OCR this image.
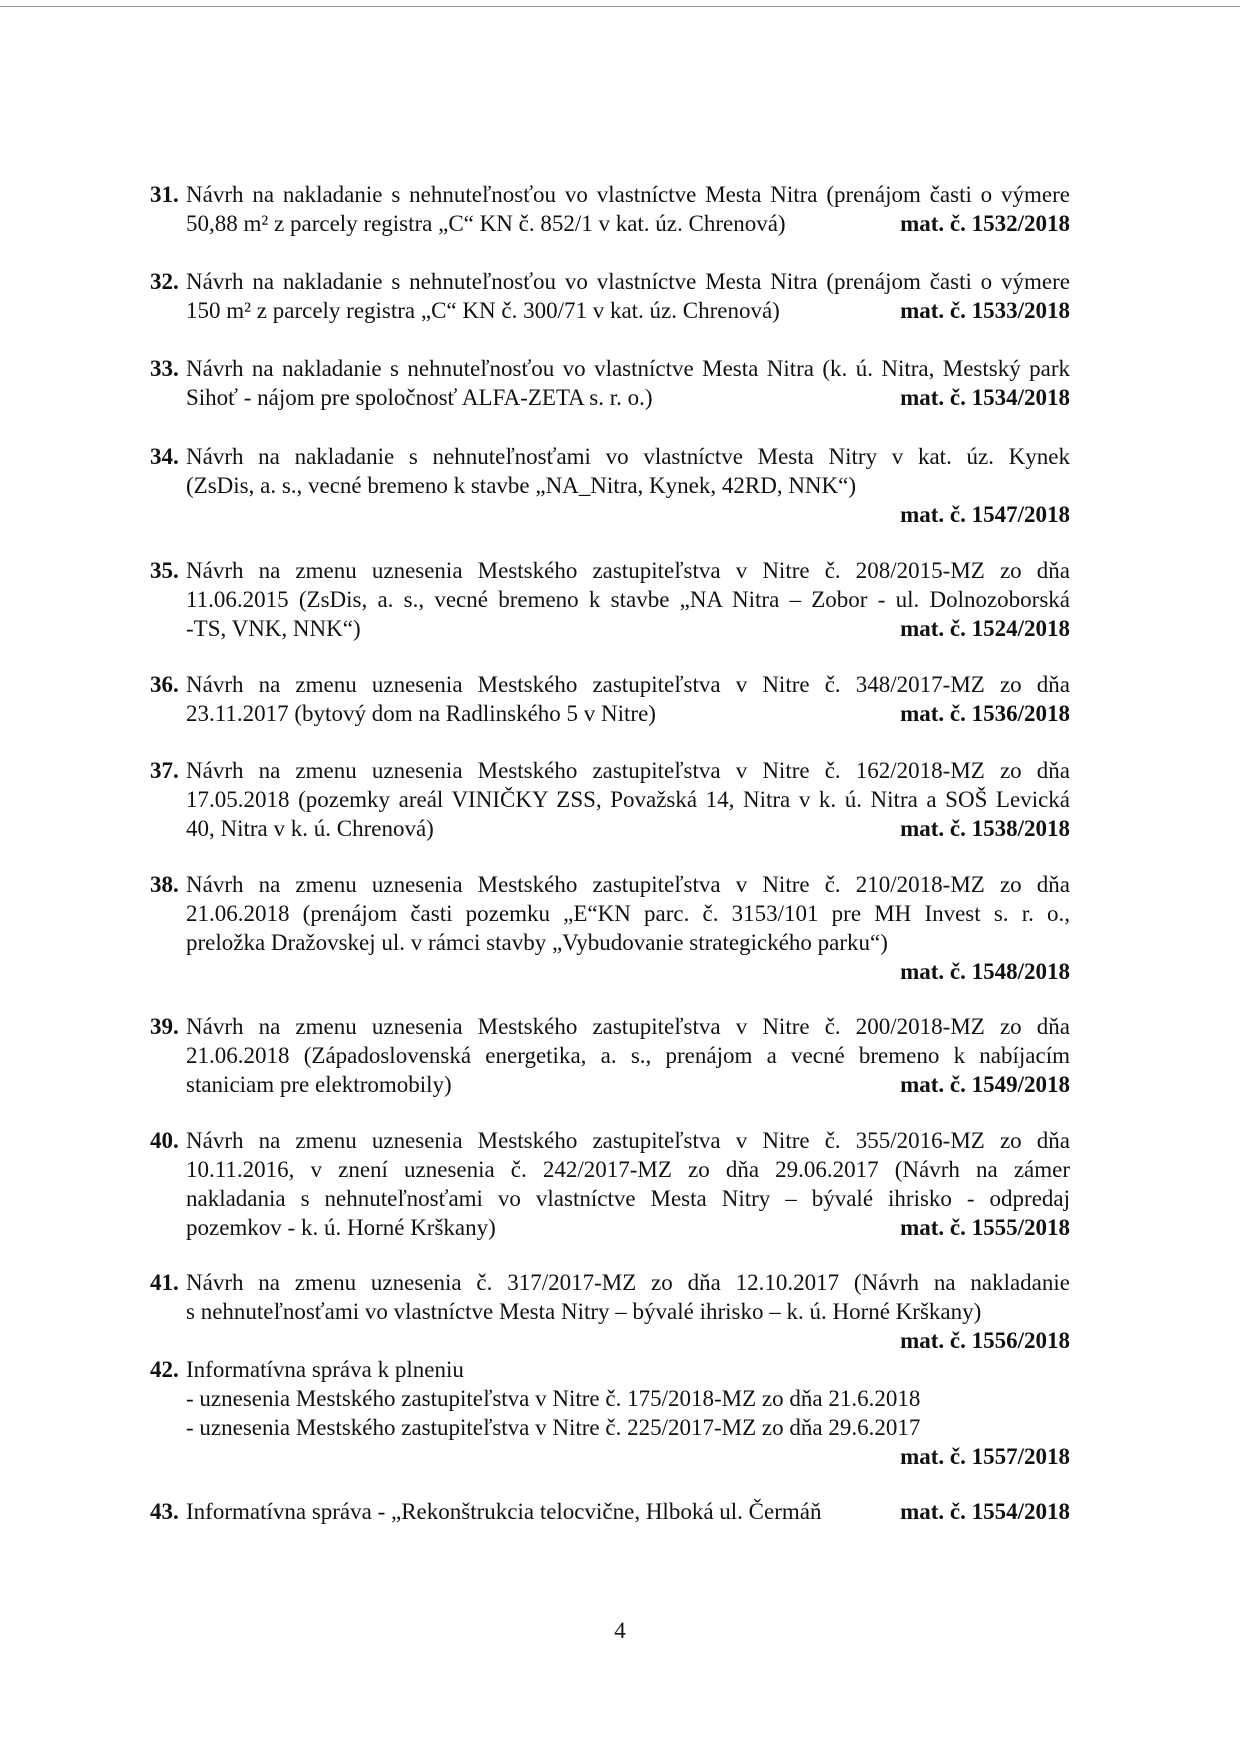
31. Návrh na nakladanie s nehnuteľnosťou vo vlastníctve Mesta Nitra (prenájom časti o výmere
50,88 m² z parcely registra „C“ KN č. 852/1 v kat. úz. Chrenová)	mat. č. 1532/2018
32. Návrh na nakladanie s nehnuteľnosťou vo vlastníctve Mesta Nitra (prenájom časti o výmere
150 m² z parcely registra „C“ KN č. 300/71 v kat. úz. Chrenová)	mat. č. 1533/2018
33. Návrh na nakladanie s nehnuteľnosťou vo vlastníctve Mesta Nitra (k. ú. Nitra, Mestský park
Sihoť - nájom pre spoločnosť ALFA-ZETA s. r. o.)	mat. č. 1534/2018
34. Návrh na nakladanie s nehnuteľnosťami vo vlastníctve Mesta Nitry v kat. úz. Kynek
(ZsDis, a. s., vecné bremeno k stavbe „NA_Nitra, Kynek, 42RD, NNK“)
mat. č. 1547/2018
35. Návrh na zmenu uznesenia Mestského zastupiteľstva v Nitre č. 208/2015-MZ zo dňa
11.06.2015 (ZsDis, a. s., vecné bremeno k stavbe „NA Nitra – Zobor - ul. Dolnozoborská
-TS, VNK, NNK“)	mat. č. 1524/2018
36. Návrh na zmenu uznesenia Mestského zastupiteľstva v Nitre č. 348/2017-MZ zo dňa
23.11.2017 (bytový dom na Radlinského 5 v Nitre)	mat. č. 1536/2018
37. Návrh na zmenu uznesenia Mestského zastupiteľstva v Nitre č. 162/2018-MZ zo dňa
17.05.2018 (pozemky areál VINIČKY ZSS, Považská 14, Nitra v k. ú. Nitra a SOŠ Levická
40, Nitra v k. ú. Chrenová)	mat. č. 1538/2018
38. Návrh na zmenu uznesenia Mestského zastupiteľstva v Nitre č. 210/2018-MZ zo dňa
21.06.2018 (prenájom časti pozemku „E“KN parc. č. 3153/101 pre MH Invest s. r. o.,
preložka Dražovskej ul. v rámci stavby „Vybudovanie strategického parku“)
mat. č. 1548/2018
39. Návrh na zmenu uznesenia Mestského zastupiteľstva v Nitre č. 200/2018-MZ zo dňa
21.06.2018 (Západoslovenská energetika, a. s., prenájom a vecné bremeno k nabíjacím
staniciam pre elektromobily)	mat. č. 1549/2018
40. Návrh na zmenu uznesenia Mestského zastupiteľstva v Nitre č. 355/2016-MZ zo dňa
10.11.2016, v znení uznesenia č. 242/2017-MZ zo dňa 29.06.2017 (Návrh na zámer
nakladania s nehnuteľnosťami vo vlastníctve Mesta Nitry – bývalé ihrisko - odpredaj
pozemkov - k. ú. Horné Krškany)	mat. č. 1555/2018
41. Návrh na zmenu uznesenia č. 317/2017-MZ zo dňa 12.10.2017 (Návrh na nakladanie
s nehnuteľnosťami vo vlastníctve Mesta Nitry – bývalé ihrisko – k. ú. Horné Krškany)
mat. č. 1556/2018
42. Informatívna správa k plneniu
- uznesenia Mestského zastupiteľstva v Nitre č. 175/2018-MZ zo dňa 21.6.2018
- uznesenia Mestského zastupiteľstva v Nitre č. 225/2017-MZ zo dňa 29.6.2017
mat. č. 1557/2018
43. Informatívna správa - „Rekonštrukcia telocvične, Hlboká ul. Čermáň	mat. č. 1554/2018
4
